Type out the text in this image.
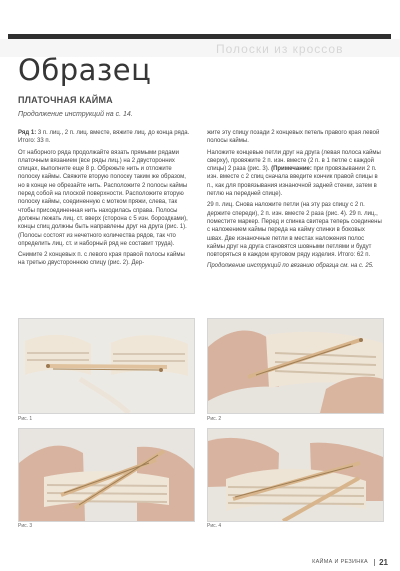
Полоски из кроссов
Образец
ПЛАТОЧНАЯ КАЙМА
Продолжение инструкций на с. 14.

Ряд 1: 3 п. лиц., 2 п. лиц. вместе, вяжите лиц. до конца ряда. Итого: 33 п.

От наборного ряда продолжайте вязать прямыми рядами платочным вязанием (все ряды лиц.) на 2 двусторонних спицах, выполните еще 8 р. Обрежьте нить и отложите полоску каймы. Свяжите вторую полоску таким же образом, но в конце не обрезайте нить. Расположите 2 полосы каймы перед собой на плоской поверхности. Расположите вторую полоску каймы, соединенную с мотком пряжи, слева, так чтобы присоединенная нить находилась справа. Полосы должны лежать лиц. ст. вверх (сторона с 5 изн. бороздками), концы спиц должны быть направлены друг на друга (рис. 1). (Полосы состоят из нечетного количества рядов, так что определить лиц. ст. и наборный ряд не составит труда).

Снимите 2 концевых п. с левого края правой полосы каймы на третью двустороннюю спицу (рис. 2). Дер-

жите эту спицу позади 2 концевых петель правого края левой полосы каймы.

Наложите концевые петли друг на друга (левая полоса каймы сверху), провяжите 2 п. изн. вместе (2 п. в 1 петле с каждой спицы) 2 раза (рис. 3). (Примечание: при провязывании 2 п. изн. вместе с 2 спиц сначала введите кончик правой спицы в п., как для провязывания изнаночной задней стенки, затем в петлю на передней спице).

29 п. лиц. Снова наложите петли (на эту раз спицу с 2 п. держите спереди), 2 п. изн. вместе 2 раза (рис. 4). 29 п. лиц., поместите маркер. Перед и спинка свитера теперь соединены с наложением каймы переда на кайму спинки в боковых швах. Две изнаночные петли в местах наложения полос каймы друг на друга становятся шовными петлями и будут повторяться в каждом круговом ряду изделия. Итого: 62 п.

Продолжение инструкций по вязанию образца см. на с. 25.

Рис. 1	Рис. 2
Рис. 3	Рис. 4
КАЙМА И РЕЗИНКА 21
